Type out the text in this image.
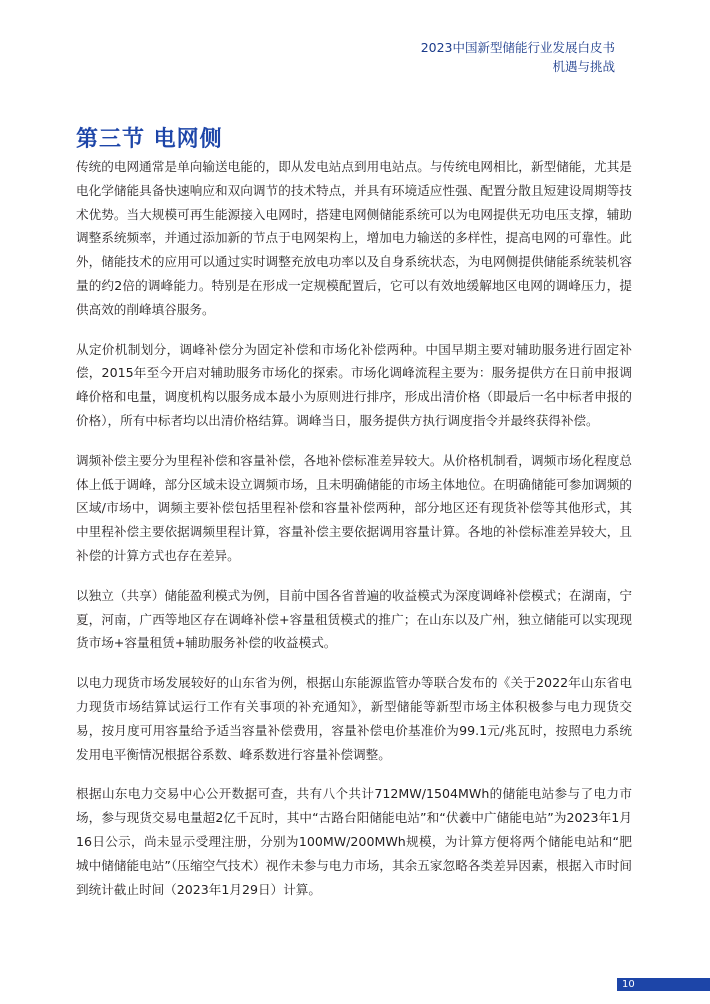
2023中国新型储能行业发展白皮书
机遇与挑战
第三节 电网侧

传统的电网通常是单向输送电能的，即从发电站点到用电站点。与传统电网相比，新型储能，尤其是电化学储能具备快速响应和双向调节的技术特点，并具有环境适应性强、配置分散且短建设周期等技术优势。当大规模可再生能源接入电网时，搭建电网侧储能系统可以为电网提供无功电压支撑，辅助调整系统频率，并通过添加新的节点于电网架构上，增加电力输送的多样性，提高电网的可靠性。此外，储能技术的应用可以通过实时调整充放电功率以及自身系统状态，为电网侧提供储能系统装机容量的约2倍的调峰能力。特别是在形成一定规模配置后，它可以有效地缓解地区电网的调峰压力，提供高效的削峰填谷服务。

从定价机制划分，调峰补偿分为固定补偿和市场化补偿两种。中国早期主要对辅助服务进行固定补偿，2015年至今开启对辅助服务市场化的探索。市场化调峰流程主要为：服务提供方在日前申报调峰价格和电量，调度机构以服务成本最小为原则进行排序，形成出清价格（即最后一名中标者申报的价格），所有中标者均以出清价格结算。调峰当日，服务提供方执行调度指令并最终获得补偿。

调频补偿主要分为里程补偿和容量补偿，各地补偿标准差异较大。从价格机制看，调频市场化程度总体上低于调峰，部分区域未设立调频市场，且未明确储能的市场主体地位。在明确储能可参加调频的区域/市场中，调频主要补偿包括里程补偿和容量补偿两种，部分地区还有现货补偿等其他形式，其中里程补偿主要依据调频里程计算，容量补偿主要依据调用容量计算。各地的补偿标准差异较大，且补偿的计算方式也存在差异。

以独立（共享）储能盈利模式为例，目前中国各省普遍的收益模式为深度调峰补偿模式；在湖南，宁夏，河南，广西等地区存在调峰补偿+容量租赁模式的推广；在山东以及广州，独立储能可以实现现货市场+容量租赁+辅助服务补偿的收益模式。

以电力现货市场发展较好的山东省为例，根据山东能源监管办等联合发布的《关于2022年山东省电力现货市场结算试运行工作有关事项的补充通知》，新型储能等新型市场主体积极参与电力现货交易，按月度可用容量给予适当容量补偿费用，容量补偿电价基准价为99.1元/兆瓦时，按照电力系统发用电平衡情况根据谷系数、峰系数进行容量补偿调整。

根据山东电力交易中心公开数据可查，共有八个共计712MW/1504MWh的储能电站参与了电力市场，参与现货交易电量超2亿千瓦时，其中“古路台阳储能电站”和“伏羲中广储能电站”为2023年1月16日公示，尚未显示受理注册，分别为100MW/200MWh规模，为计算方便将两个储能电站和“肥城中储储能电站”（压缩空气技术）视作未参与电力市场，其余五家忽略各类差异因素，根据入市时间到统计截止时间（2023年1月29日）计算。

10
